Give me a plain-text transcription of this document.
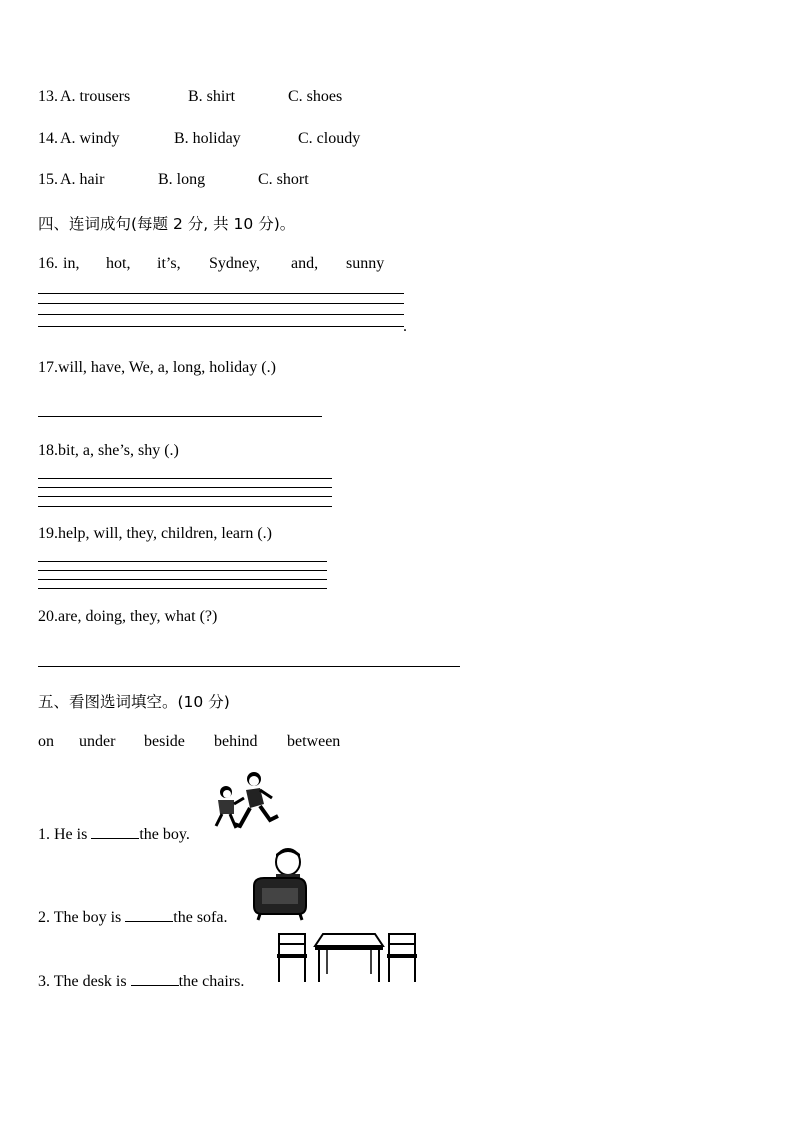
13. A. trousers	B. shirt	C. shoes
14. A. windy	B. holiday	C. cloudy
15. A. hair	B. long	C. short
四、连词成句(每题 2 分, 共 10 分)。
16. in, hot, it’s, Sydney, and, sunny
.
17.will, have, We, a, long, holiday (.)
18.bit, a, she’s, shy (.)
19.help, will, they, children, learn (.)
20.are, doing, they, what (?)
五、看图选词填空。(10 分)
on under beside behind between
1. He is	the boy.
2. The boy is	the sofa.
3. The desk is	the chairs.
